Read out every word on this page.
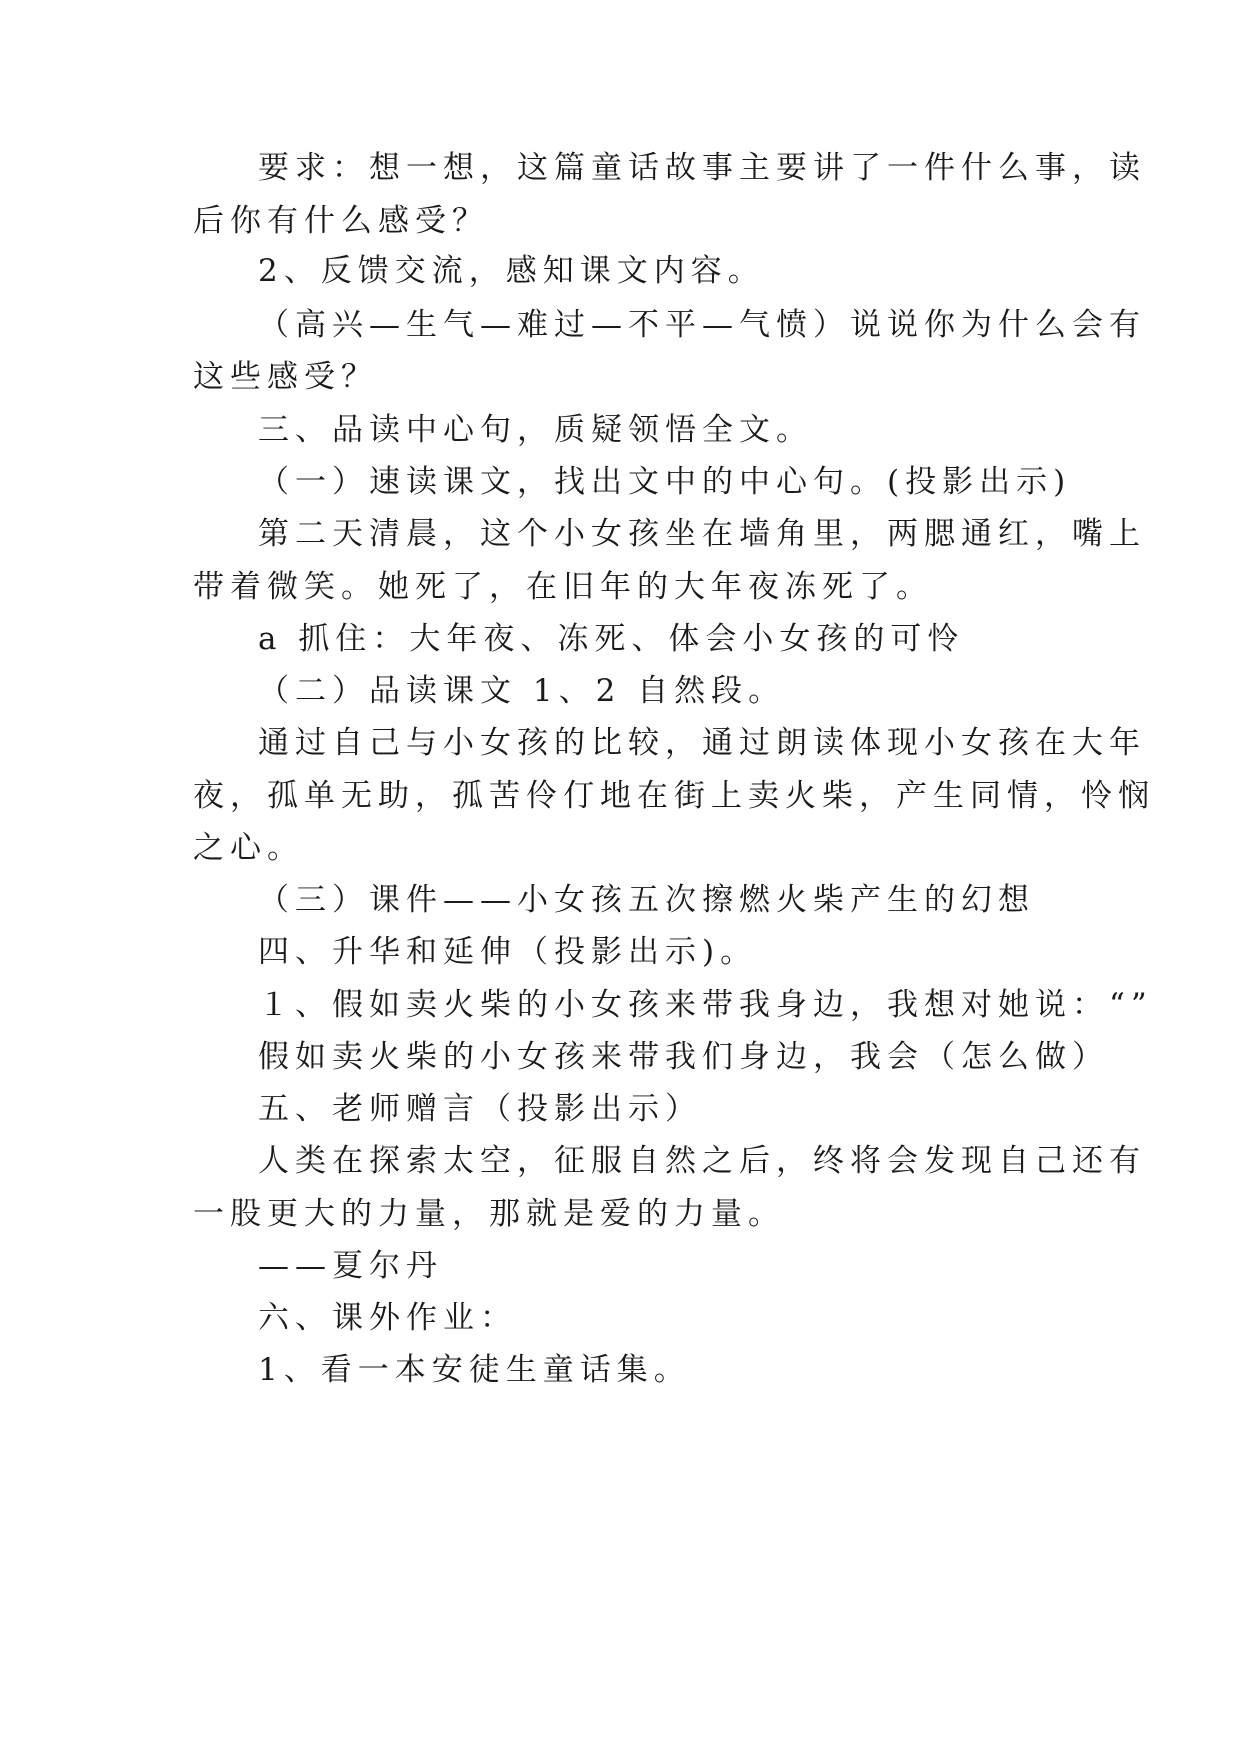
要求：想一想，这篇童话故事主要讲了一件什么事，读
后你有什么感受？
2、反馈交流，感知课文内容。
（高兴—生气—难过—不平—气愤）说说你为什么会有
这些感受？
三、品读中心句，质疑领悟全文。
（一）速读课文，找出文中的中心句。(投影出示)
第二天清晨，这个小女孩坐在墙角里，两腮通红，嘴上
带着微笑。她死了，在旧年的大年夜冻死了。
a 抓住：大年夜、冻死、体会小女孩的可怜
（二）品读课文 1、2 自然段。
通过自己与小女孩的比较，通过朗读体现小女孩在大年
夜，孤单无助，孤苦伶仃地在街上卖火柴，产生同情，怜悯
之心。
（三）课件——小女孩五次擦燃火柴产生的幻想
四、升华和延伸（投影出示)。
１、假如卖火柴的小女孩来带我身边，我想对她说：“”
假如卖火柴的小女孩来带我们身边，我会（怎么做）
五、老师赠言（投影出示）
人类在探索太空，征服自然之后，终将会发现自己还有
一股更大的力量，那就是爱的力量。
——夏尔丹
六、课外作业：
1、看一本安徒生童话集。
